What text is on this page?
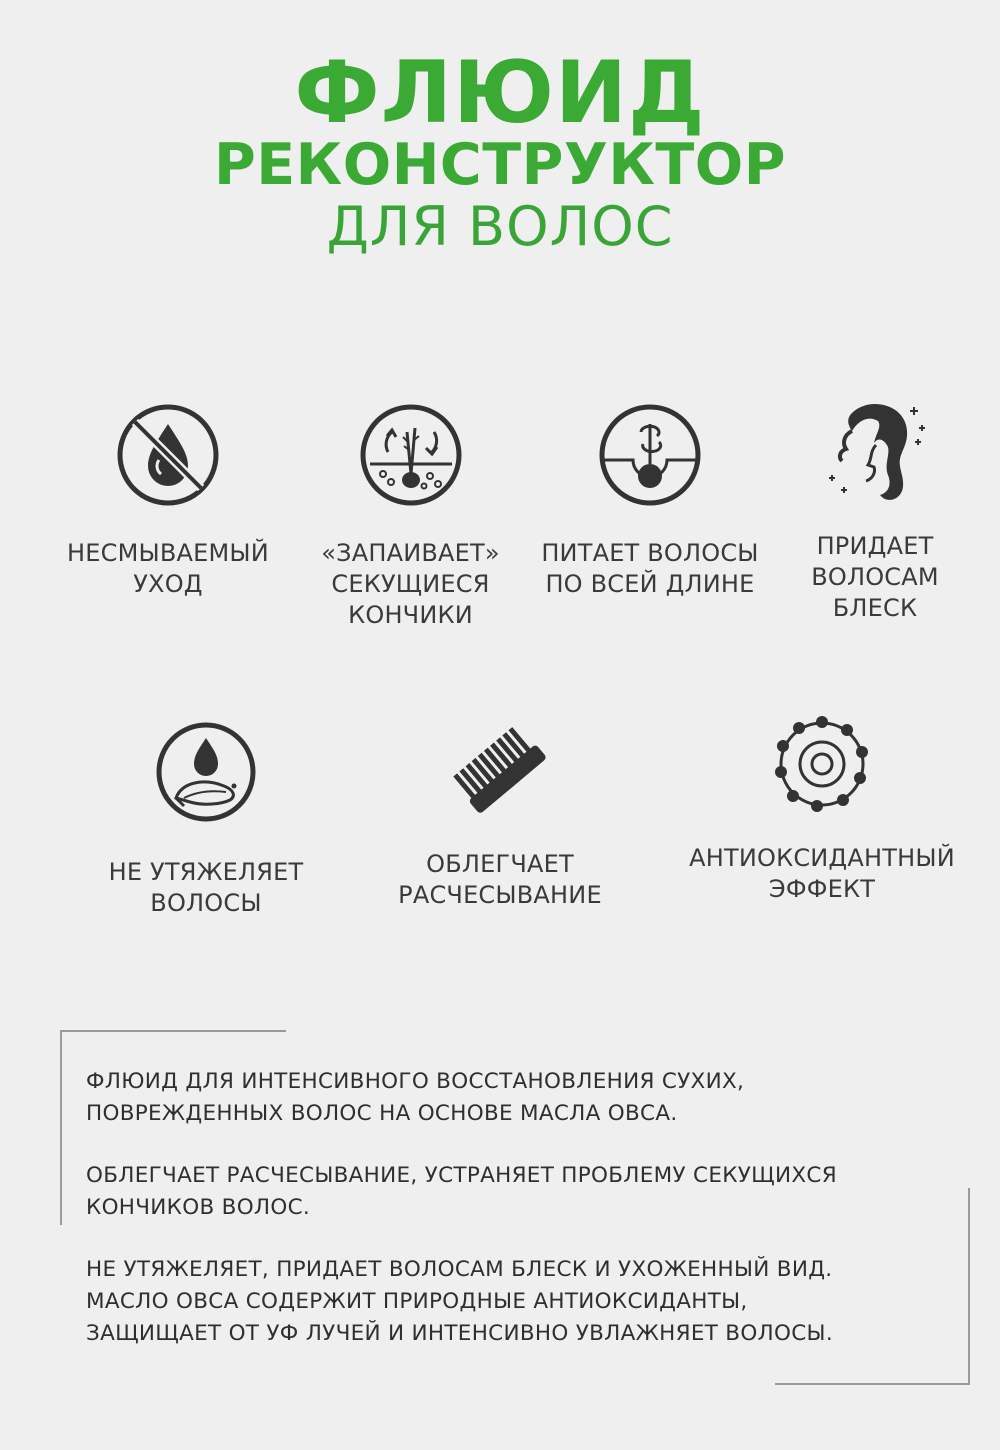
ФЛЮИД
РЕКОНСТРУКТОР
ДЛЯ ВОЛОС
НЕСМЫВАЕМЫЙ
УХОД
«ЗАПАИВАЕТ»
СЕКУЩИЕСЯ
КОНЧИКИ
ПИТАЕТ ВОЛОСЫ
ПО ВСЕЙ ДЛИНЕ
ПРИДАЕТ
ВОЛОСАМ
БЛЕСК
НЕ УТЯЖЕЛЯЕТ
ВОЛОСЫ
ОБЛЕГЧАЕТ
РАСЧЕСЫВАНИЕ
АНТИОКСИДАНТНЫЙ
ЭФФЕКТ

ФЛЮИД ДЛЯ ИНТЕНСИВНОГО ВОССТАНОВЛЕНИЯ СУХИХ,
ПОВРЕЖДЕННЫХ ВОЛОС НА ОСНОВЕ МАСЛА ОВСА.

ОБЛЕГЧАЕТ РАСЧЕСЫВАНИЕ, УСТРАНЯЕТ ПРОБЛЕМУ СЕКУЩИХСЯ
КОНЧИКОВ ВОЛОС.

НЕ УТЯЖЕЛЯЕТ, ПРИДАЕТ ВОЛОСАМ БЛЕСК И УХОЖЕННЫЙ ВИД.
МАСЛО ОВСА СОДЕРЖИТ ПРИРОДНЫЕ АНТИОКСИДАНТЫ,
ЗАЩИЩАЕТ ОТ УФ ЛУЧЕЙ И ИНТЕНСИВНО УВЛАЖНЯЕТ ВОЛОСЫ.
